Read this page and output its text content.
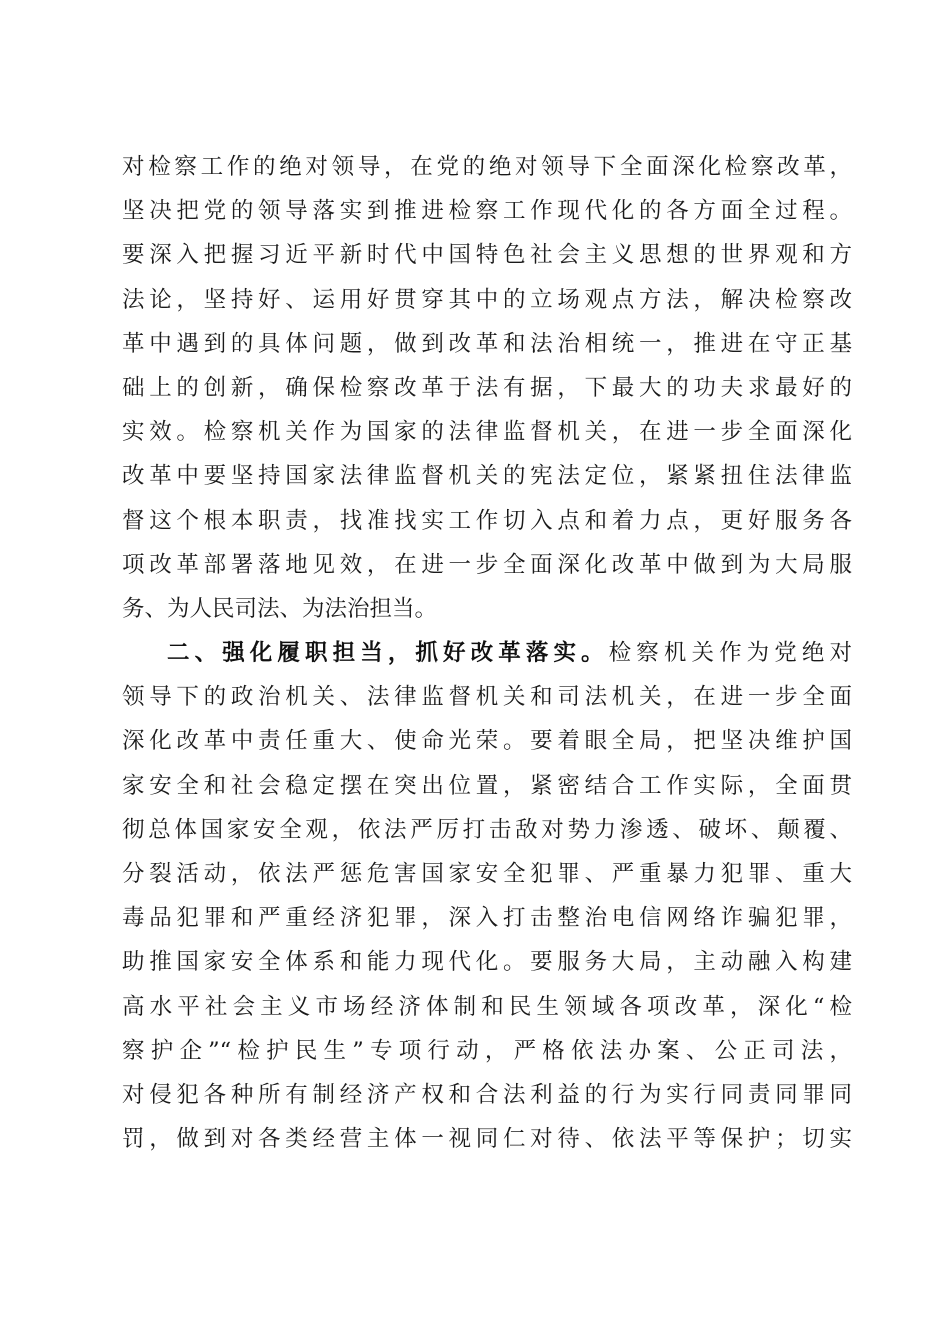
对检察工作的绝对领导，在党的绝对领导下全面深化检察改革，
坚决把党的领导落实到推进检察工作现代化的各方面全过程。
要深入把握习近平新时代中国特色社会主义思想的世界观和方
法论，坚持好、运用好贯穿其中的立场观点方法，解决检察改
革中遇到的具体问题，做到改革和法治相统一，推进在守正基
础上的创新，确保检察改革于法有据，下最大的功夫求最好的
实效。检察机关作为国家的法律监督机关，在进一步全面深化
改革中要坚持国家法律监督机关的宪法定位，紧紧扭住法律监
督这个根本职责，找准找实工作切入点和着力点，更好服务各
项改革部署落地见效，在进一步全面深化改革中做到为大局服
务、为人民司法、为法治担当。
二、强化履职担当，抓好改革落实。检察机关作为党绝对
领导下的政治机关、法律监督机关和司法机关，在进一步全面
深化改革中责任重大、使命光荣。要着眼全局，把坚决维护国
家安全和社会稳定摆在突出位置，紧密结合工作实际，全面贯
彻总体国家安全观，依法严厉打击敌对势力渗透、破坏、颠覆、
分裂活动，依法严惩危害国家安全犯罪、严重暴力犯罪、重大
毒品犯罪和严重经济犯罪，深入打击整治电信网络诈骗犯罪，
助推国家安全体系和能力现代化。要服务大局，主动融入构建
高水平社会主义市场经济体制和民生领域各项改革，深化“检
察护企”“检护民生”专项行动，严格依法办案、公正司法，
对侵犯各种所有制经济产权和合法利益的行为实行同责同罪同
罚，做到对各类经营主体一视同仁对待、依法平等保护；切实
